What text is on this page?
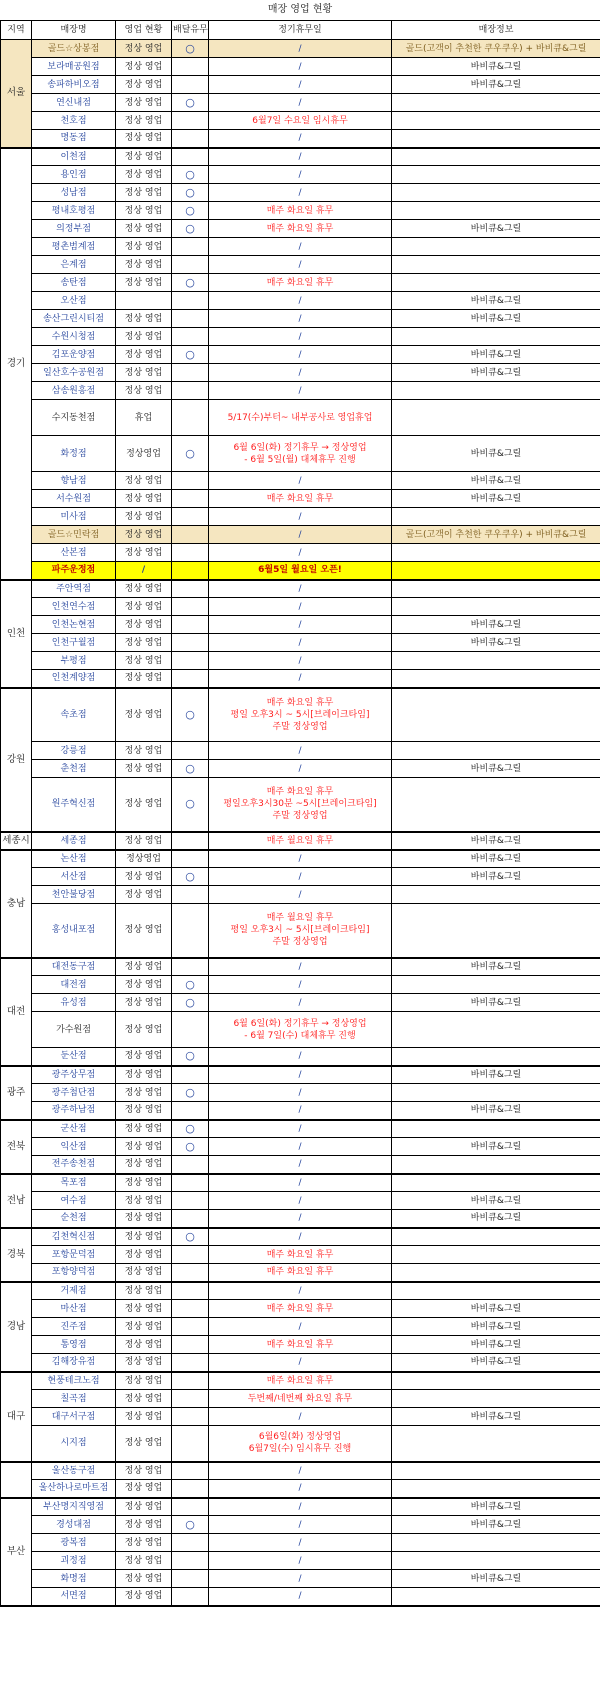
매장 영업 현황
지역	매장명	영업 현황	배달유무	정기휴무일	매장정보
서울	골드☆상봉점	정상 영업	○	/	골드(고객이 추천한 쿠우쿠우) + 바비큐&그릴
	보라매공원점	정상 영업		/	바비큐&그릴
	송파하비오점	정상 영업		/	바비큐&그릴
	연신내점	정상 영업	○	/	
	천호점	정상 영업		6월7일 수요일 임시휴무	
	명동점	정상 영업		/	
경기	이천점	정상 영업		/	
	용인점	정상 영업	○	/	
	성남점	정상 영업	○	/	
	평내호평점	정상 영업	○	매주 화요일 휴무	
	의정부점	정상 영업	○	매주 화요일 휴무	바비큐&그릴
	평촌범계점	정상 영업		/	
	은계점	정상 영업		/	
	송탄점	정상 영업	○	매주 화요일 휴무	
	오산점			/	바비큐&그릴
	송산그린시티점	정상 영업		/	바비큐&그릴
	수원시청점	정상 영업		/	
	김포운양점	정상 영업	○	/	바비큐&그릴
	일산호수공원점	정상 영업		/	바비큐&그릴
	삼송원흥점	정상 영업		/	
	수지동천점	휴업		5/17(수)부터~ 내부공사로 영업휴업	
	화정점	정상영업	○	6월 6일(화) 정기휴무 → 정상영업
- 6월 5일(월) 대체휴무 진행	바비큐&그릴
	향남점	정상 영업		/	바비큐&그릴
	서수원점	정상 영업		매주 화요일 휴무	바비큐&그릴
	미사점	정상 영업		/	
	골드☆민락점	정상 영업		/	골드(고객이 추천한 쿠우쿠우) + 바비큐&그릴
	산본점	정상 영업		/	
	파주운정점	/		6월5일 월요일 오픈!	
인천	주안역점	정상 영업		/	
	인천연수점	정상 영업		/	
	인천논현점	정상 영업		/	바비큐&그릴
	인천구월점	정상 영업		/	바비큐&그릴
	부평점	정상 영업		/	
	인천계양점	정상 영업		/	
강원	속초점	정상 영업	○	매주 화요일 휴무
평일 오후3시 ~ 5시[브레이크타임]
주말 정상영업	
	강릉점	정상 영업		/	
	춘천점	정상 영업	○	/	바비큐&그릴
	원주혁신점	정상 영업	○	매주 화요일 휴무
평일오후3시30분 ~5시[브레이크타임]
주말 정상영업	
세종시	세종점	정상 영업		매주 월요일 휴무	바비큐&그릴
충남	논산점	정상영업		/	바비큐&그릴
	서산점	정상 영업	○	/	바비큐&그릴
	천안불당점	정상 영업		/	
	홍성내포점	정상 영업		매주 월요일 휴무
평일 오후3시 ~ 5시[브레이크타임]
주말 정상영업	
대전	대전동구점	정상 영업		/	바비큐&그릴
	대전점	정상 영업	○	/	
	유성점	정상 영업	○	/	바비큐&그릴
	가수원점	정상 영업		6월 6일(화) 정기휴무 → 정상영업
- 6월 7일(수) 대체휴무 진행	
	둔산점	정상 영업	○	/	
광주	광주상무점	정상 영업		/	바비큐&그릴
	광주첨단점	정상 영업	○	/	
	광주하남점	정상 영업		/	바비큐&그릴
전북	군산점	정상 영업	○	/	
	익산점	정상 영업	○	/	바비큐&그릴
	전주송천점	정상 영업		/	
전남	목포점	정상 영업		/	
	여수점	정상 영업		/	바비큐&그릴
	순천점	정상 영업		/	바비큐&그릴
경북	김천혁신점	정상 영업	○	/	
	포항문덕점	정상 영업		매주 화요일 휴무	
	포항양덕점	정상 영업		매주 화요일 휴무	
경남	거제점	정상 영업		/	
	마산점	정상 영업		매주 화요일 휴무	바비큐&그릴
	진주점	정상 영업		/	바비큐&그릴
	통영점	정상 영업		매주 화요일 휴무	바비큐&그릴
	김해장유점	정상 영업		/	바비큐&그릴
대구	현풍테크노점	정상 영업		매주 화요일 휴무	
	칠곡점	정상 영업		두번째/네번째 화요일 휴무	
	대구서구점	정상 영업		/	바비큐&그릴
	시지점	정상 영업		6월6일(화) 정상영업
6월7일(수) 임시휴무 진행	
	울산동구점	정상 영업		/	
	울산하나로마트점	정상 영업		/	
부산	부산명지직영점	정상 영업		/	바비큐&그릴
	경성대점	정상 영업	○	/	바비큐&그릴
	광복점	정상 영업		/	
	괴정점	정상 영업		/	
	화명점	정상 영업		/	바비큐&그릴
	서면점	정상 영업		/	
